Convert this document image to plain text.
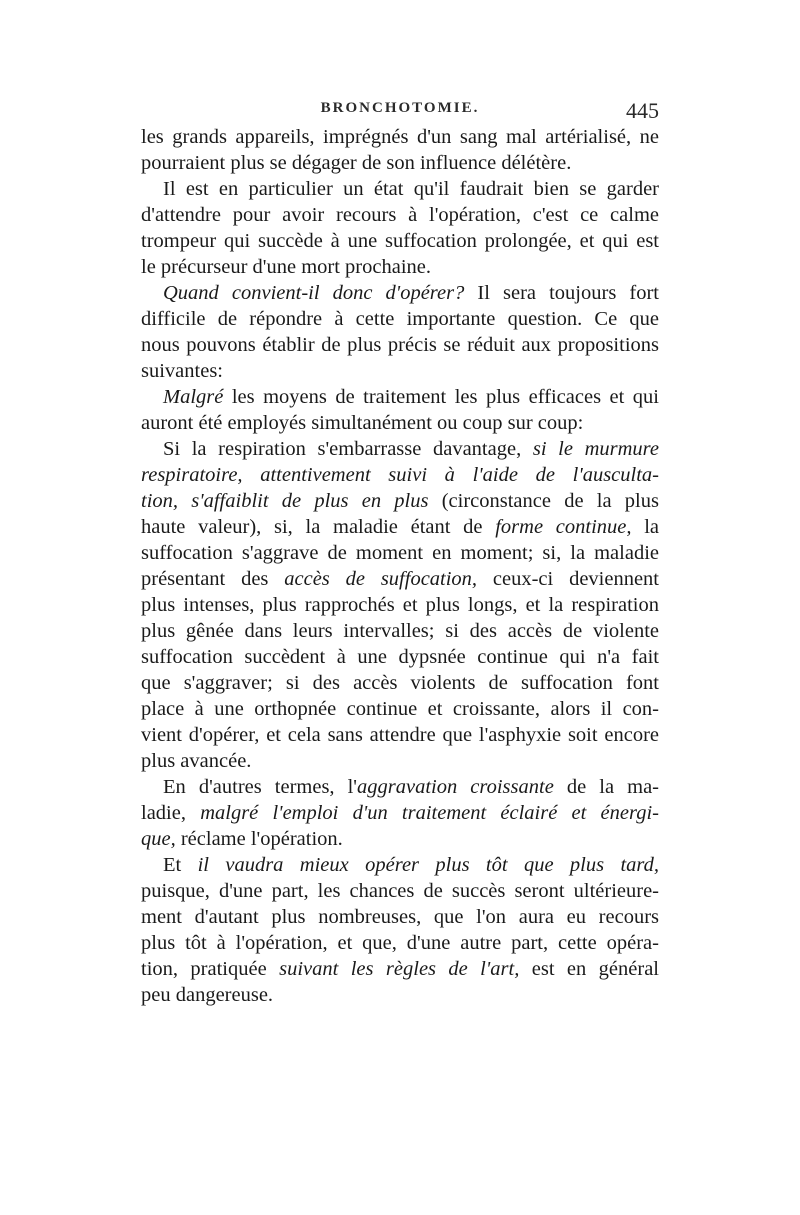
BRONCHOTOMIE.	445
les grands appareils, imprégnés d'un sang mal artérialisé, ne
pourraient plus se dégager de son influence délétère.
Il est en particulier un état qu'il faudrait bien se garder
d'attendre pour avoir recours à l'opération, c'est ce calme
trompeur qui succède à une suffocation prolongée, et qui est
le précurseur d'une mort prochaine.
Quand convient-il donc d'opérer? Il sera toujours fort
difficile de répondre à cette importante question. Ce que
nous pouvons établir de plus précis se réduit aux propositions
suivantes:
Malgré les moyens de traitement les plus efficaces et qui
auront été employés simultanément ou coup sur coup:
Si la respiration s'embarrasse davantage, si le murmure
respiratoire, attentivement suivi à l'aide de l'ausculta-
tion, s'affaiblit de plus en plus (circonstance de la plus
haute valeur), si, la maladie étant de forme continue, la
suffocation s'aggrave de moment en moment; si, la maladie
présentant des accès de suffocation, ceux-ci deviennent
plus intenses, plus rapprochés et plus longs, et la respiration
plus gênée dans leurs intervalles; si des accès de violente
suffocation succèdent à une dypsnée continue qui n'a fait
que s'aggraver; si des accès violents de suffocation font
place à une orthopnée continue et croissante, alors il con-
vient d'opérer, et cela sans attendre que l'asphyxie soit encore
plus avancée.
En d'autres termes, l'aggravation croissante de la ma-
ladie, malgré l'emploi d'un traitement éclairé et énergi-
que, réclame l'opération.
Et il vaudra mieux opérer plus tôt que plus tard,
puisque, d'une part, les chances de succès seront ultérieure-
ment d'autant plus nombreuses, que l'on aura eu recours
plus tôt à l'opération, et que, d'une autre part, cette opéra-
tion, pratiquée suivant les règles de l'art, est en général
peu dangereuse.
